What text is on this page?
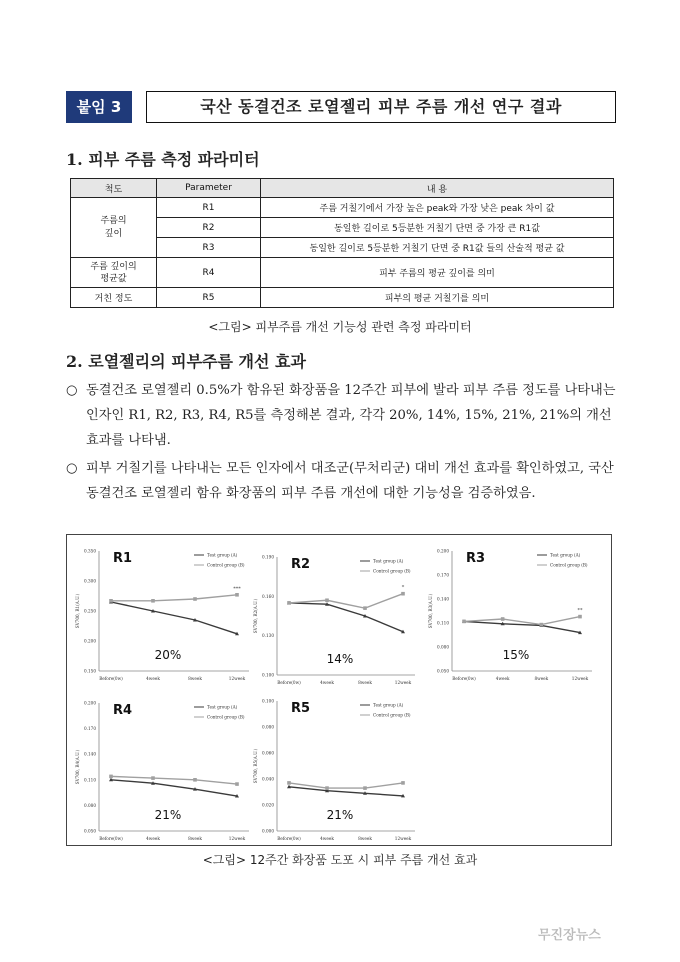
붙임 3	국산 동결건조 로열젤리 피부 주름 개선 연구 결과
1. 피부 주름 측정 파라미터
척도	Parameter	내 용
주름의
깊이	R1	주름 거칠기에서 가장 높은 peak와 가장 낮은 peak 차이 값
	R2	동일한 길이로 5등분한 거칠기 단면 중 가장 큰 R1값
	R3	동일한 길이로 5등분한 거칠기 단면 중 R1값 들의 산술적 평균 값
주름 깊이의
평균값	R4	피부 주름의 평균 깊이를 의미
거친 정도	R5	피부의 평균 거칠기를 의미
<그림> 피부주름 개선 기능성 관련 측정 파라미터
2. 로열젤리의 피부주름 개선 효과
○ 동결건조 로열젤리 0.5%가 함유된 화장품을 12주간 피부에 발라 피부 주름 정도를 나타내는 인자인 R1, R2, R3, R4, R5를 측정해본 결과, 각각 20%, 14%, 15%, 21%, 21%의 개선 효과를 나타냄.
○ 피부 거칠기를 나타내는 모든 인자에서 대조군(무처리군) 대비 개선 효과를 확인하였고, 국산 동결건조 로열젤리 함유 화장품의 피부 주름 개선에 대한 기능성을 검증하였음.
0.150
0.200
0.250
0.300
0.350
SV700, R1(A.U.)
Before(0w)	4week	8week	12week
Test group (A)
Control group (B)
R1
***
20%
0.100
0.130
0.160
0.190
SV700, R2(A.U.)
Before(0w)	4week	8week	12week
Test group (A)
Control group (B)
R2
*
14%
0.050
0.080
0.110
0.140
0.170
0.200
SV700, R3(A.U.)
Before(0w)	4week	8week	12week
Test group (A)
Control group (B)
R3
**
15%
0.050
0.080
0.110
0.140
0.170
0.200
SV700, R4(A.U.)
Before(0w)	4week	8week	12week
Test group (A)
Control group (B)
R4
21%
0.000
0.020
0.040
0.060
0.080
0.100
SV700, R5(A.U.)
Before(0w)	4week	8week	12week
Test group (A)
Control group (B)
R5
21%
<그림> 12주간 화장품 도포 시 피부 주름 개선 효과
무진장뉴스
